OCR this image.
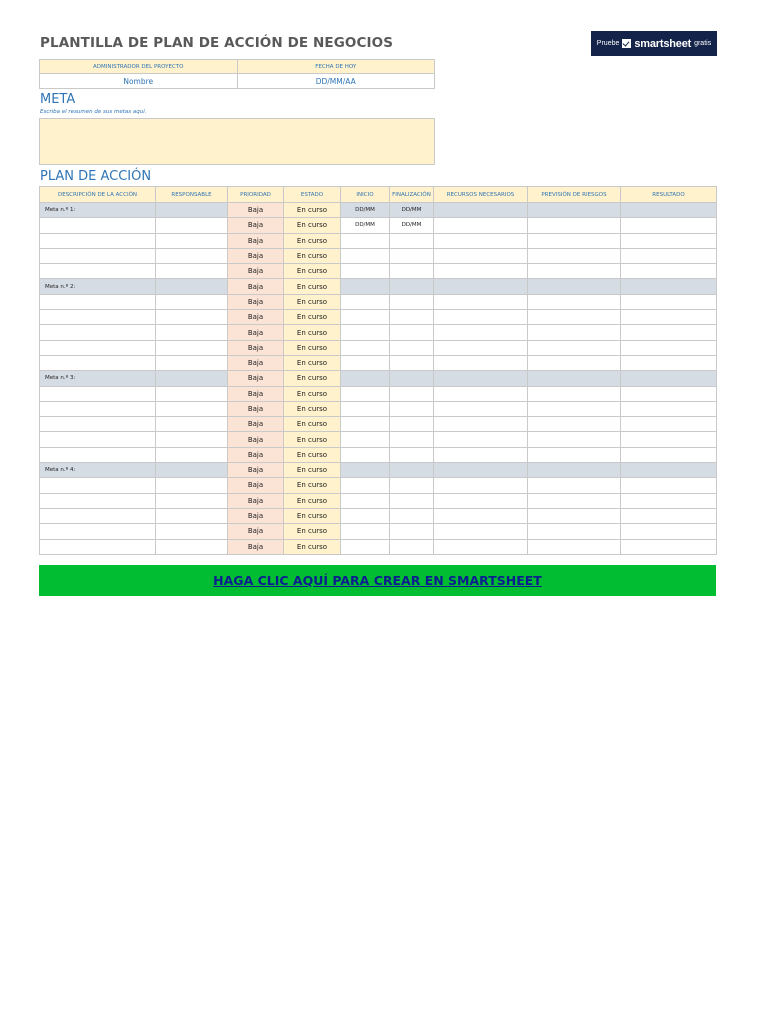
PLANTILLA DE PLAN DE ACCIÓN DE NEGOCIOS	Pruebe smartsheet gratis
ADMINISTRADOR DEL PROYECTO	FECHA DE HOY
Nombre	DD/MM/AA
META
Escriba el resumen de sus metas aquí.
PLAN DE ACCIÓN
DESCRIPCIÓN DE LA ACCIÓN	RESPONSABLE	PRIORIDAD	ESTADO	INICIO	FINALIZACIÓN	RECURSOS NECESARIOS	PREVISIÓN DE RIESGOS	RESULTADO
Meta n.º 1:		Baja	En curso	DD/MM	DD/MM			
		Baja	En curso	DD/MM	DD/MM			
		Baja	En curso					
		Baja	En curso					
		Baja	En curso					
Meta n.º 2:		Baja	En curso					
		Baja	En curso					
		Baja	En curso					
		Baja	En curso					
		Baja	En curso					
		Baja	En curso					
Meta n.º 3:		Baja	En curso					
		Baja	En curso					
		Baja	En curso					
		Baja	En curso					
		Baja	En curso					
		Baja	En curso					
Meta n.º 4:		Baja	En curso					
		Baja	En curso					
		Baja	En curso					
		Baja	En curso					
		Baja	En curso					
		Baja	En curso					
HAGA CLIC AQUÍ PARA CREAR EN SMARTSHEET
